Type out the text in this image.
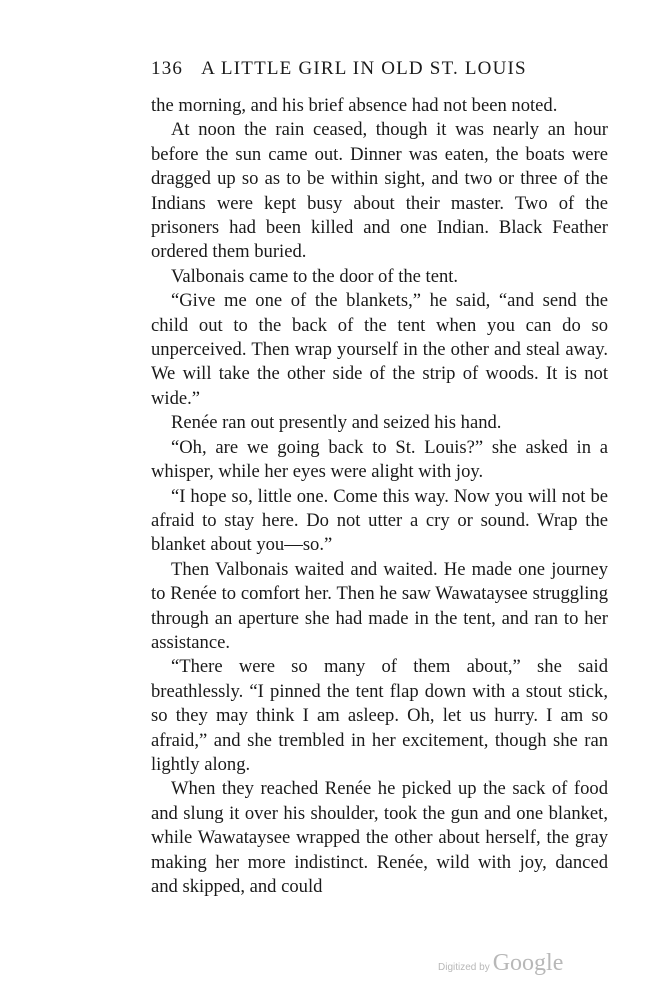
136 A LITTLE GIRL IN OLD ST. LOUIS

the morning, and his brief absence had not been noted.

At noon the rain ceased, though it was nearly an hour before the sun came out. Dinner was eaten, the boats were dragged up so as to be within sight, and two or three of the Indians were kept busy about their master. Two of the prisoners had been killed and one Indian. Black Feather ordered them buried.

Valbonais came to the door of the tent.

“Give me one of the blankets,” he said, “and send the child out to the back of the tent when you can do so unperceived. Then wrap yourself in the other and steal away. We will take the other side of the strip of woods. It is not wide.”

Renée ran out presently and seized his hand.

“Oh, are we going back to St. Louis?” she asked in a whisper, while her eyes were alight with joy.

“I hope so, little one. Come this way. Now you will not be afraid to stay here. Do not utter a cry or sound. Wrap the blanket about you—so.”

Then Valbonais waited and waited. He made one journey to Renée to comfort her. Then he saw Wawataysee struggling through an aperture she had made in the tent, and ran to her assistance.

“There were so many of them about,” she said breathlessly. “I pinned the tent flap down with a stout stick, so they may think I am asleep. Oh, let us hurry. I am so afraid,” and she trembled in her excitement, though she ran lightly along.

When they reached Renée he picked up the sack of food and slung it over his shoulder, took the gun and one blanket, while Wawataysee wrapped the other about herself, the gray making her more indistinct. Renée, wild with joy, danced and skipped, and could

Digitized by Google
